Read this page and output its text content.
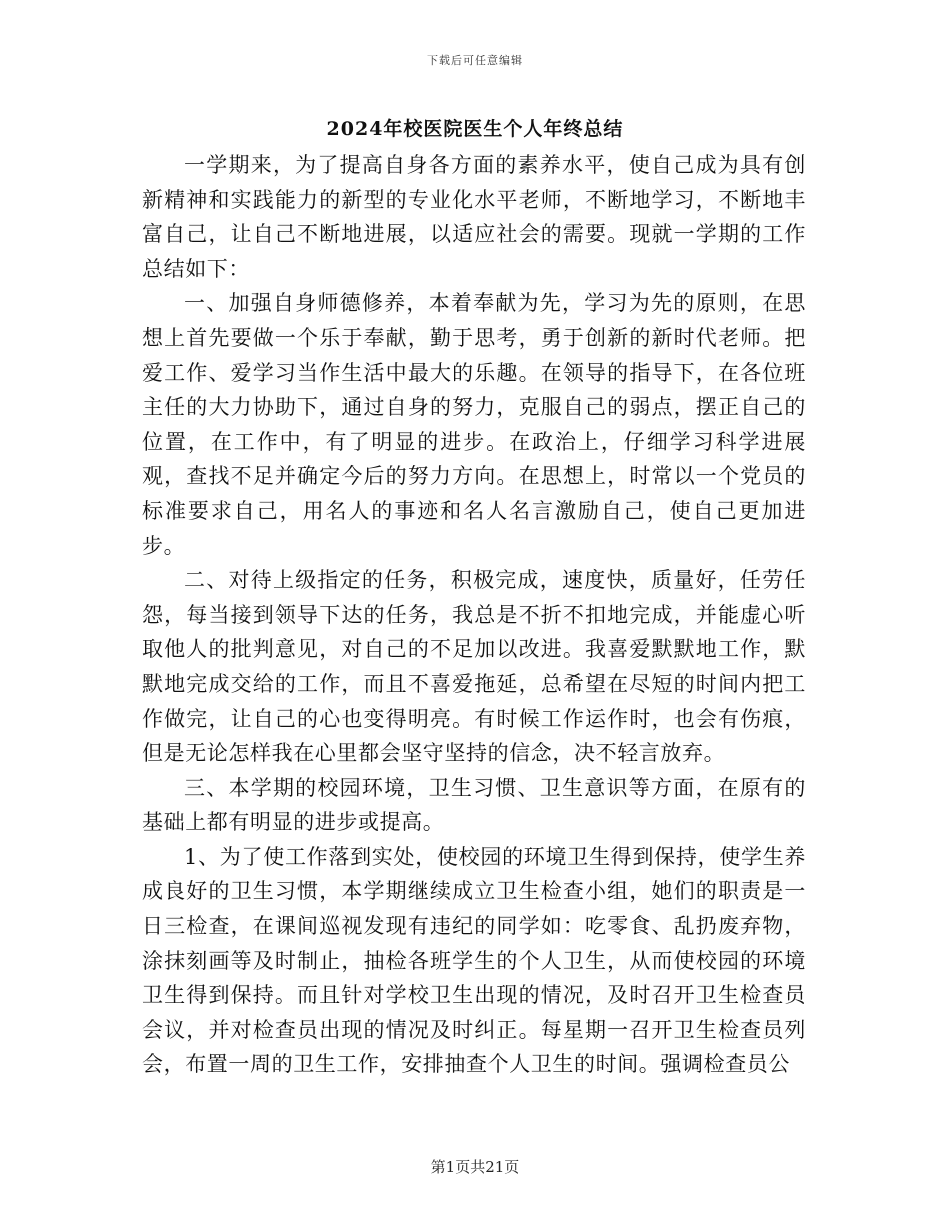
下载后可任意编辑
2024年校医院医生个人年终总结

一学期来，为了提高自身各方面的素养水平，使自己成为具有创新精神和实践能力的新型的专业化水平老师，不断地学习，不断地丰富自己，让自己不断地进展，以适应社会的需要。现就一学期的工作总结如下：

一、加强自身师德修养，本着奉献为先，学习为先的原则，在思想上首先要做一个乐于奉献，勤于思考，勇于创新的新时代老师。把爱工作、爱学习当作生活中最大的乐趣。在领导的指导下，在各位班主任的大力协助下，通过自身的努力，克服自己的弱点，摆正自己的位置，在工作中，有了明显的进步。在政治上，仔细学习科学进展观，查找不足并确定今后的努力方向。在思想上，时常以一个党员的标准要求自己，用名人的事迹和名人名言激励自己，使自己更加进步。

二、对待上级指定的任务，积极完成，速度快，质量好，任劳任怨，每当接到领导下达的任务，我总是不折不扣地完成，并能虚心听取他人的批判意见，对自己的不足加以改进。我喜爱默默地工作，默默地完成交给的工作，而且不喜爱拖延，总希望在尽短的时间内把工作做完，让自己的心也变得明亮。有时候工作运作时，也会有伤痕，但是无论怎样我在心里都会坚守坚持的信念，决不轻言放弃。

三、本学期的校园环境，卫生习惯、卫生意识等方面，在原有的基础上都有明显的进步或提高。

1、为了使工作落到实处，使校园的环境卫生得到保持，使学生养成良好的卫生习惯，本学期继续成立卫生检查小组，她们的职责是一日三检查，在课间巡视发现有违纪的同学如：吃零食、乱扔废弃物，涂抹刻画等及时制止，抽检各班学生的个人卫生，从而使校园的环境卫生得到保持。而且针对学校卫生出现的情况，及时召开卫生检查员会议，并对检查员出现的情况及时纠正。每星期一召开卫生检查员列会，布置一周的卫生工作，安排抽查个人卫生的时间。强调检查员公

第1页共21页
